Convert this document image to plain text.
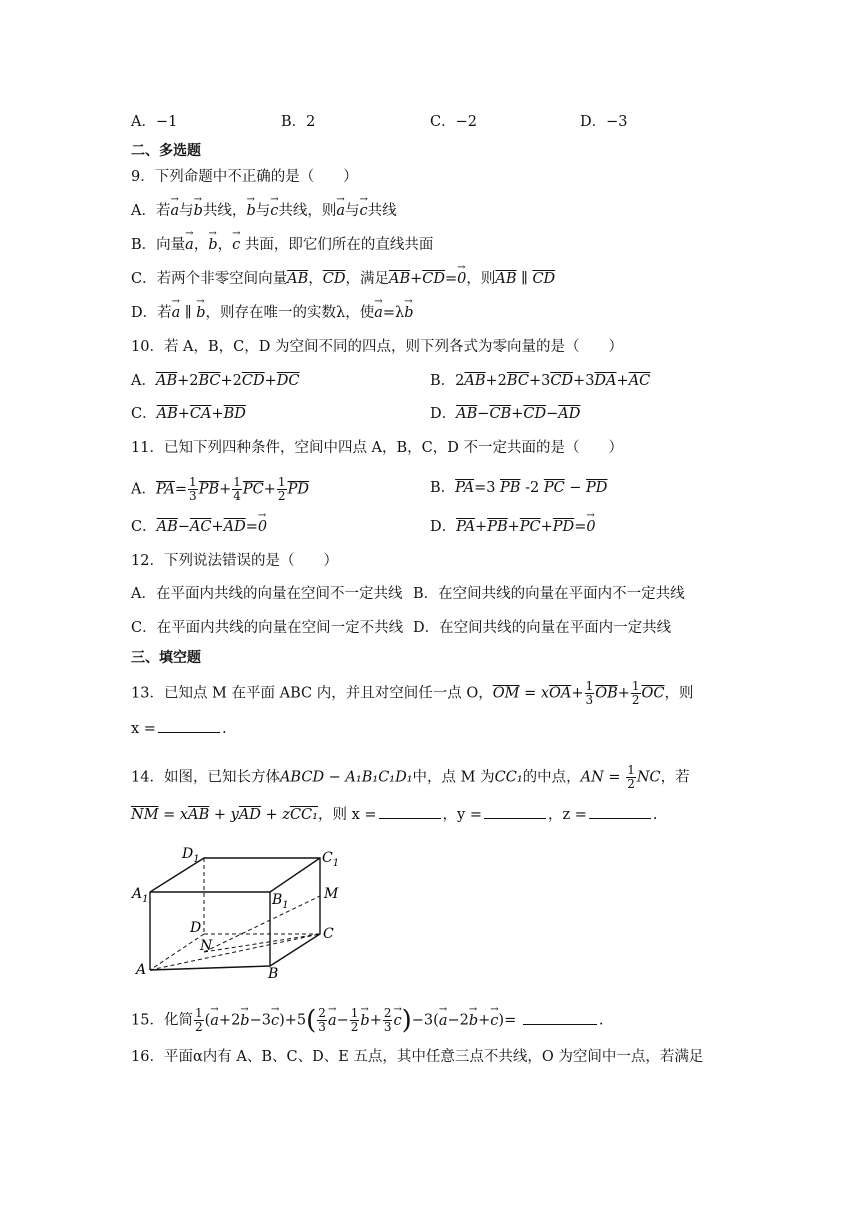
A．−1	B．2	C．−2	D．−3
二、多选题
9．下列命题中不正确的是（　　）
A．若→ a与→ b共线，→ b与→ c共线，则→ a与→ c共线
B．向量→ a，→ b，→ c 共面，即它们所在的直线共面
C．若两个非零空间向量$\overline{AB}$，$\overline{CD}$，满足$\overline{AB}+\overline{CD}=\to 0$，则$\overline{AB}$ ∥ $\overline{CD}$
D．若→ a ∥ → b，则存在唯一的实数λ，使→ a=λ→ b
10．若 A，B，C，D 为空间不同的四点，则下列各式为零向量的是（　　）
A．$\overline{AB}+2\overline{BC}+2\overline{CD}+\overline{DC}$	B．$2\overline{AB}+2\overline{BC}+3\overline{CD}+3\overline{DA}+\overline{AC}$
C．$\overline{AB}+\overline{CA}+\overline{BD}$	D．$\overline{AB}-\overline{CB}+\overline{CD}-\overline{AD}$
11．已知下列四种条件，空间中四点 A，B，C，D 不一定共面的是（　　）
A．$\overline{PA}= \frac{1}{3} \overline{PB}+ \frac{1}{4} \overline{PC}+ \frac{1}{2} \overline{PD}$	B．$\overline{PA}=3$ $\overline{PB}$ -2 $\overline{PC} - \overline{PD}$
C．$\overline{AB}-\overline{AC}+\overline{AD}=\to 0$	D．$\overline{PA}+\overline{PB}+\overline{PC}+\overline{PD}=\to 0$
12．下列说法错误的是（　　）
A．在平面内共线的向量在空间不一定共线 B．在空间共线的向量在平面内不一定共线
C．在平面内共线的向量在空间一定不共线 D．在空间共线的向量在平面内一定共线
三、填空题
13．已知点 M 在平面 ABC 内，并且对空间任一点 O，$\overline{OM} = x\overline{OA}+ \frac{1}{3} \overline{OB}+ \frac{1}{2} \overline{OC}$，则
x =	.
14．如图，已知长方体ABCD − A₁B₁C₁D₁中，点 M 为CC₁的中点，AN = $\frac{1}{2}$ NC，若
$\overline{NM} = x\overline{AB} + y\overline{AD} + zCC_1$，则 x =	，y =	，z =	.
$D_1$	$C_1$
$A_1$	$B_1$
M
D
N
C
A	B
15．化简 $\frac{1}{2}$ (→ $a+2\to b-3\to c)+5( \frac{2}{3} \to a- \frac{1}{2} \to b+ \frac{2}{3} \to c)-3(\to a-2\to b+\to c)=$	.
16．平面α内有 A、B、C、D、E 五点，其中任意三点不共线，O 为空间中一点，若满足
